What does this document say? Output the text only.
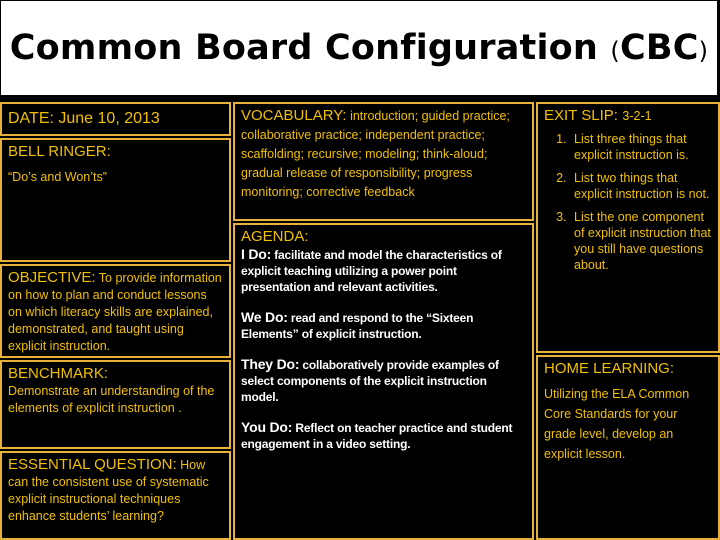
Common Board Configuration (CBC)
DATE: June 10, 2013
BELL RINGER:
“Do’s and Won’ts”
OBJECTIVE: To provide information on how to plan and conduct lessons on which literacy skills are explained, demonstrated, and taught using explicit instruction.
BENCHMARK:
Demonstrate an understanding of the elements of explicit instruction .
ESSENTIAL QUESTION: How can the consistent use of systematic explicit instructional techniques enhance students’ learning?
VOCABULARY: introduction; guided practice; collaborative practice; independent practice; scaffolding; recursive; modeling; think-aloud; gradual release of responsibility; progress monitoring; corrective feedback
AGENDA:
I Do: facilitate and model the characteristics of explicit teaching utilizing a power point presentation and relevant activities.
We Do: read and respond to the “Sixteen Elements” of explicit instruction.
They Do: collaboratively provide examples of select components of the explicit instruction model.
You Do: Reflect on teacher practice and student engagement in a video setting.
EXIT SLIP: 3-2-1
1. List three things that explicit instruction is.
2. List two things that explicit instruction is not.
3. List the one component of explicit instruction that you still have questions about.
HOME LEARNING:
Utilizing the ELA Common Core Standards for your grade level, develop an explicit lesson.
